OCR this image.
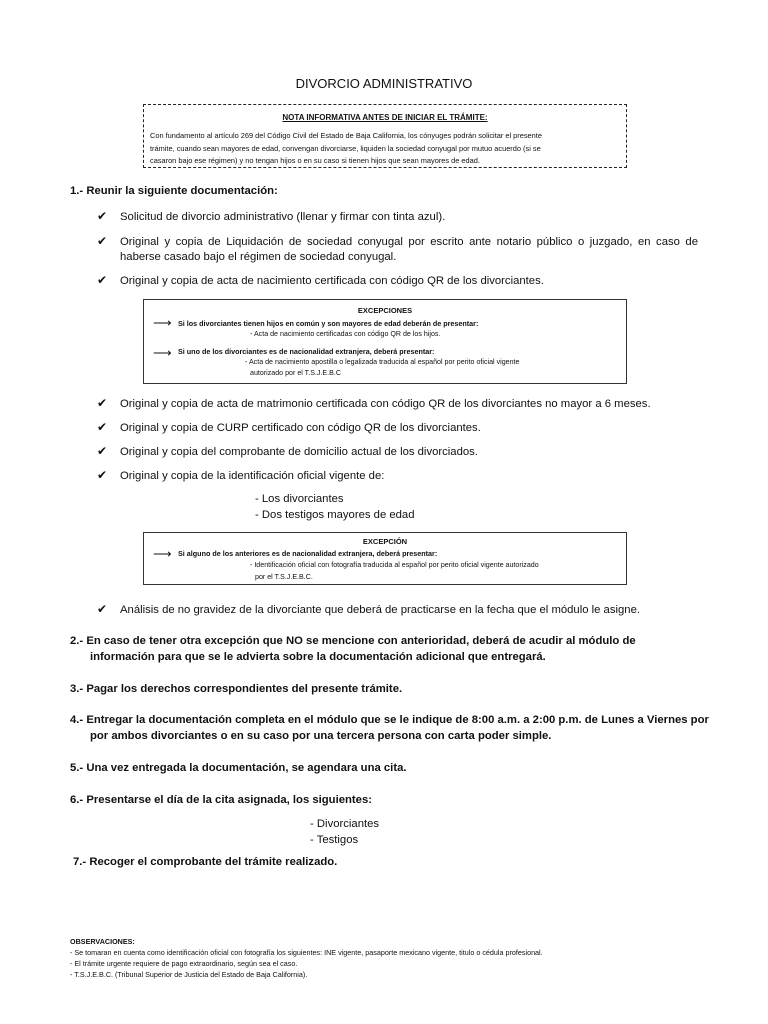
DIVORCIO ADMINISTRATIVO
NOTA INFORMATIVA ANTES DE INICIAR EL TRÁMITE:
Con fundamento al artículo 269 del Código Civil del Estado de Baja California, los cónyuges podrán solicitar el presente
trámite, cuando sean mayores de edad, convengan divorciarse, liquiden la sociedad conyugal por mutuo acuerdo (si se
casaron bajo ese régimen) y no tengan hijos o en su caso si tienen hijos que sean mayores de edad.
1.- Reunir la siguiente documentación:
✔ Solicitud de divorcio administrativo (llenar y firmar con tinta azul).
✔ Original y copia de Liquidación de sociedad conyugal por escrito ante notario público o juzgado, en caso de haberse casado bajo el régimen de sociedad conyugal.
✔ Original y copia de acta de nacimiento certificada con código QR de los divorciantes.
EXCEPCIONES
⟶ Si los divorciantes tienen hijos en común y son mayores de edad deberán de presentar:
- Acta de nacimiento certificadas con código QR de los hijos.
⟶ Si uno de los divorciantes es de nacionalidad extranjera, deberá presentar:
- Acta de nacimiento apostilla o legalizada traducida al español por perito oficial vigente
autorizado por el T.S.J.E.B.C
✔ Original y copia de acta de matrimonio certificada con código QR de los divorciantes no mayor a 6 meses.
✔ Original y copia de CURP certificado con código QR de los divorciantes.
✔ Original y copia del comprobante de domicilio actual de los divorciados.
✔ Original y copia de la identificación oficial vigente de:
- Los divorciantes
- Dos testigos mayores de edad
EXCEPCIÓN
⟶ Si alguno de los anteriores es de nacionalidad extranjera, deberá presentar:
- Identificación oficial con fotografía traducida al español por perito oficial vigente autorizado
por el T.S.J.E.B.C.
✔ Análisis de no gravidez de la divorciante que deberá de practicarse en la fecha que el módulo le asigne.
2.- En caso de tener otra excepción que NO se mencione con anterioridad, deberá de acudir al módulo de
información para que se le advierta sobre la documentación adicional que entregará.
3.- Pagar los derechos correspondientes del presente trámite.
4.- Entregar la documentación completa en el módulo que se le indique de 8:00 a.m. a 2:00 p.m. de Lunes a Viernes por
por ambos divorciantes o en su caso por una tercera persona con carta poder simple.
5.- Una vez entregada la documentación, se agendara una cita.
6.- Presentarse el día de la cita asignada, los siguientes:
- Divorciantes
- Testigos
7.- Recoger el comprobante del trámite realizado.
OBSERVACIONES:
- Se tomaran en cuenta como identificación oficial con fotografía los siguientes: INE vigente, pasaporte mexicano vigente, titulo o cédula profesional.
- El trámite urgente requiere de pago extraordinario, según sea el caso.
- T.S.J.E.B.C. (Tribunal Superior de Justicia del Estado de Baja California).
